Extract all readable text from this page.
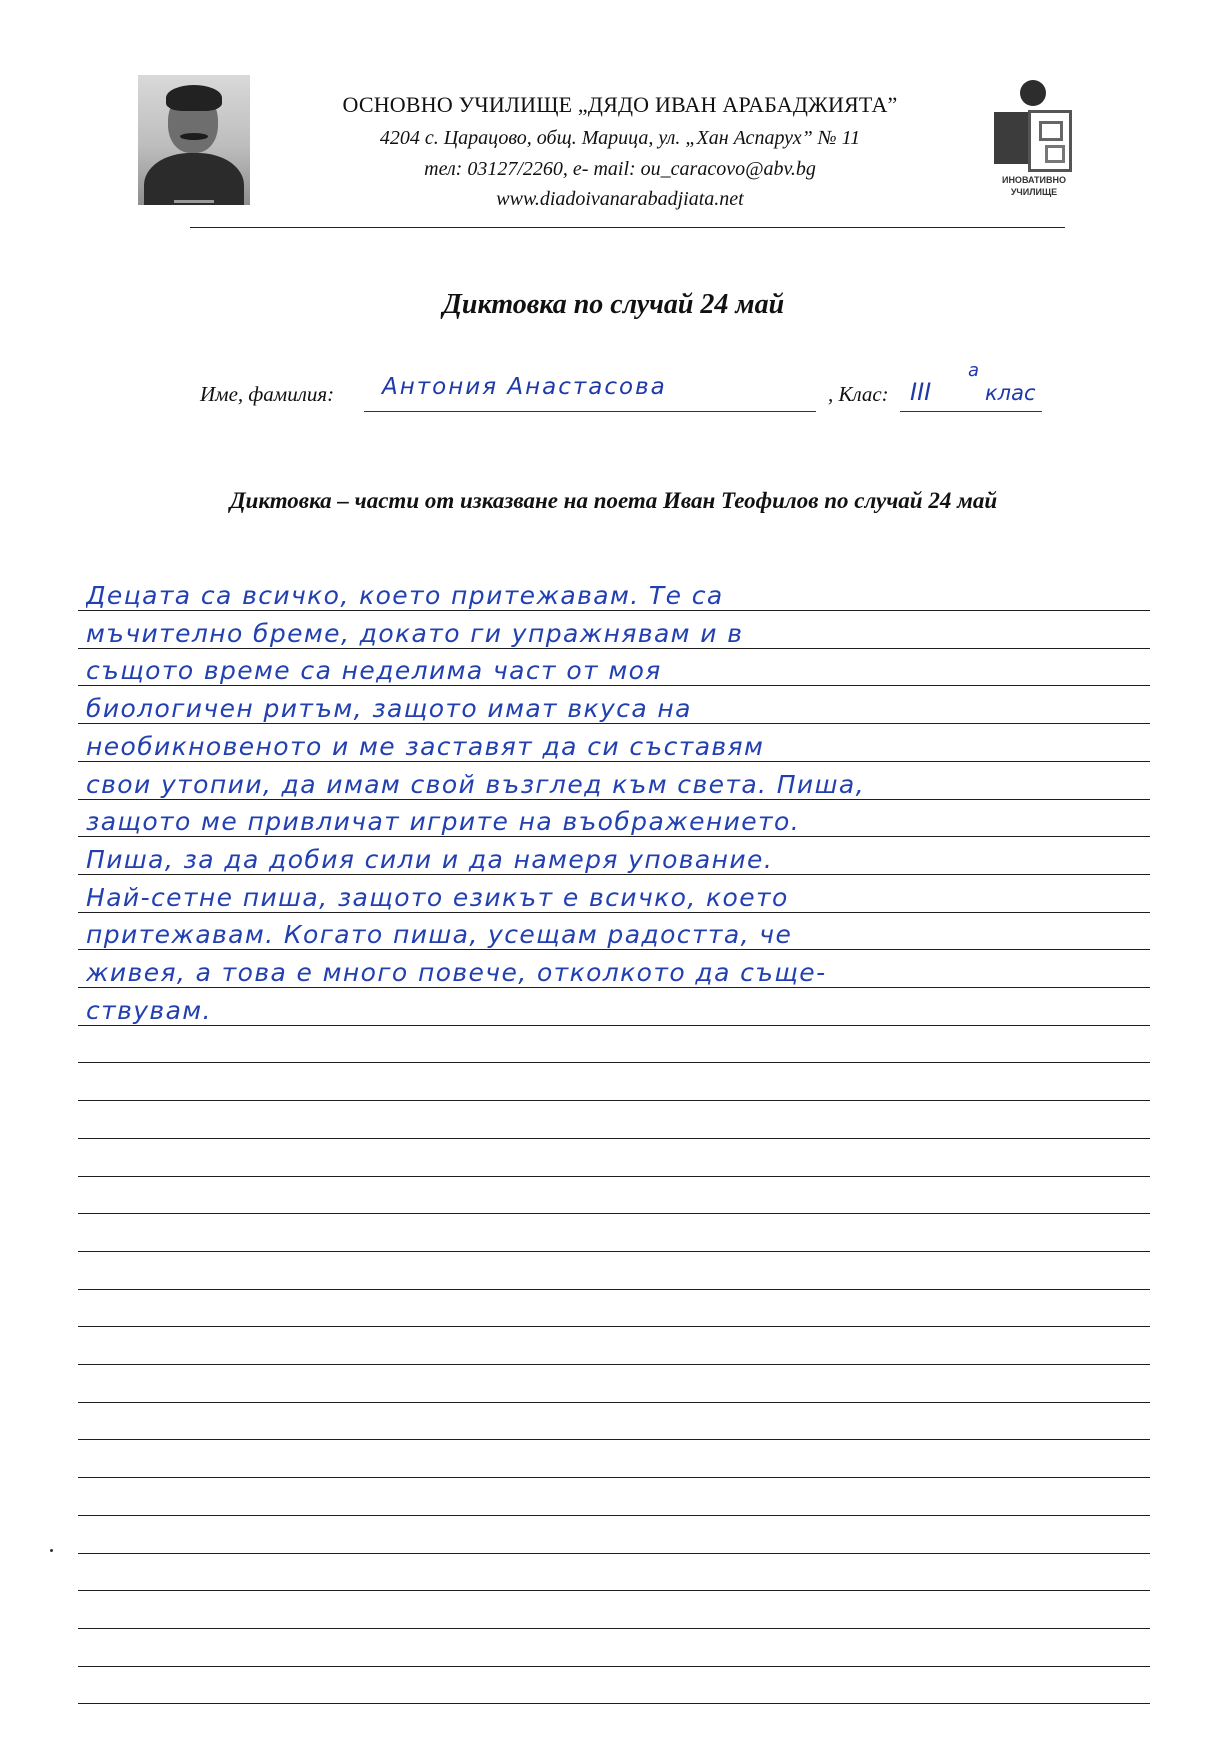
ОСНОВНО УЧИЛИЩЕ „ДЯДО ИВАН АРАБАДЖИЯТА”
4204 с. Царацово, общ. Марица, ул. „Хан Аспарух” № 11
тел: 03127/2260, е- mail: ou_caracovo@abv.bg
www.diadoivanarabadjiata.net
ИНОВАТИВНО УЧИЛИЩЕ
Диктовка по случай 24 май
Име, фамилия: Антония Анастасова	, Клас: III
а
клас
Диктовка – части от изказване на поета Иван Теофилов по случай 24 май
Децата са всичко, което притежавам. Те са
мъчително бреме, докато ги упражнявам и в
същото време са неделима част от моя
биологичен ритъм, защото имат вкуса на
необикновеното и ме заставят да си съставям
свои утопии, да имам свой възглед към света. Пиша,
защото ме привличат игрите на въображението.
Пиша, за да добия сили и да намеря упование.
Най-сетне пиша, защото езикът е всичко, което
притежавам. Когато пиша, усещам радостта, че
живея, а това е много повече, отколкото да съще-
ствувам.
